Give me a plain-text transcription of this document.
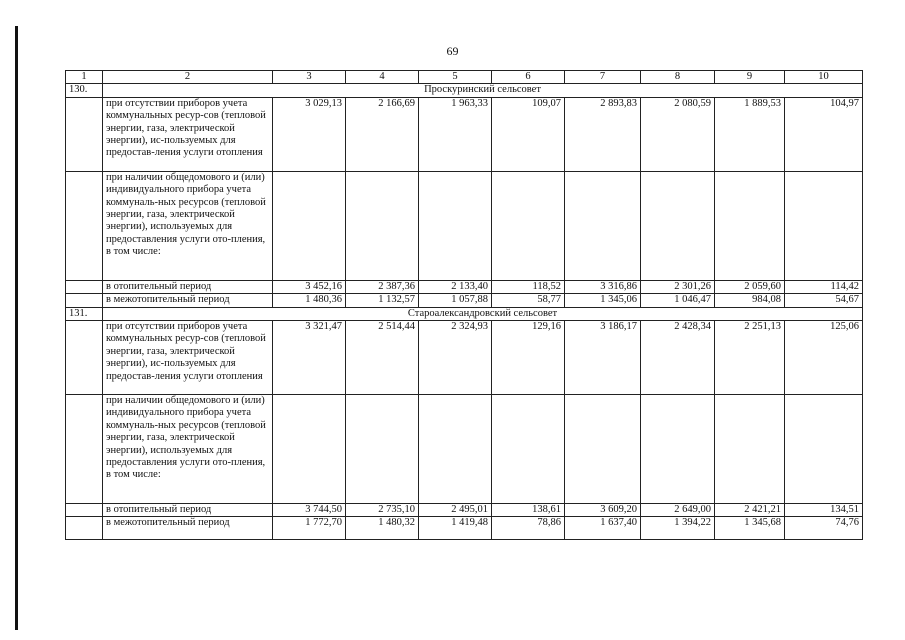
69
1	2	3	4	5	6	7	8	9	10
130.	Проскуринский сельсовет								
	при отсутствии приборов учета коммунальных ресур-сов (тепловой энергии, газа, электрической энергии), ис-пользуемых для предостав-ления услуги отопления	3 029,13	2 166,69	1 963,33	109,07	2 893,83	2 080,59	1 889,53	104,97
	при наличии общедомового и (или) индивидуального прибора учета коммуналь-ных ресурсов (тепловой энергии, газа, электрической энергии), используемых для предоставления услуги ото-пления, в том числе:								
	в отопительный период	3 452,16	2 387,36	2 133,40	118,52	3 316,86	2 301,26	2 059,60	114,42
	в межотопительный период	1 480,36	1 132,57	1 057,88	58,77	1 345,06	1 046,47	984,08	54,67
131.	Староалександровский сельсовет								
	при отсутствии приборов учета коммунальных ресур-сов (тепловой энергии, газа, электрической энергии), ис-пользуемых для предостав-ления услуги отопления	3 321,47	2 514,44	2 324,93	129,16	3 186,17	2 428,34	2 251,13	125,06
	при наличии общедомового и (или) индивидуального прибора учета коммуналь-ных ресурсов (тепловой энергии, газа, электрической энергии), используемых для предоставления услуги ото-пления, в том числе:								
	в отопительный период	3 744,50	2 735,10	2 495,01	138,61	3 609,20	2 649,00	2 421,21	134,51
	в межотопительный период	1 772,70	1 480,32	1 419,48	78,86	1 637,40	1 394,22	1 345,68	74,76
